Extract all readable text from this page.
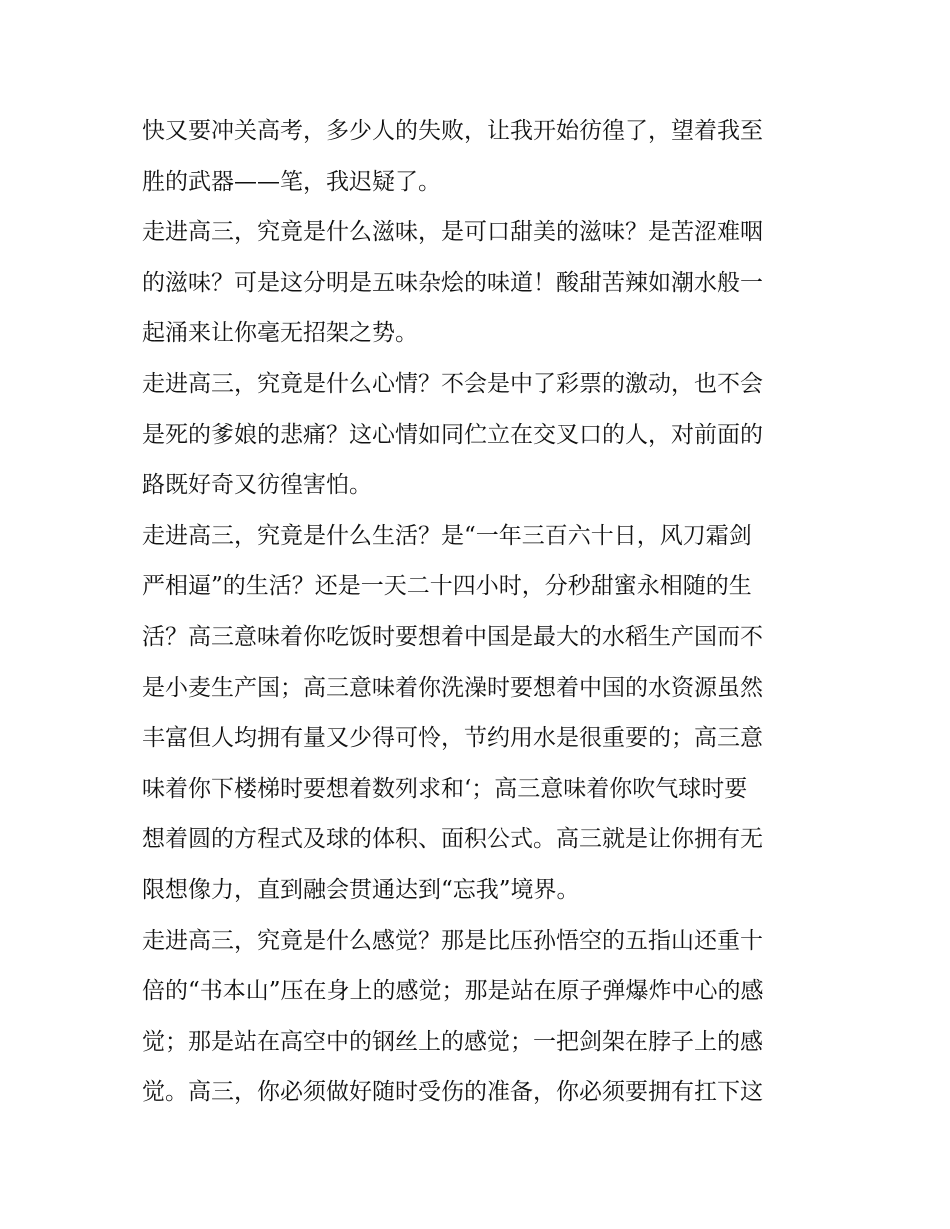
快又要冲关高考，多少人的失败，让我开始彷徨了，望着我至
胜的武器——笔，我迟疑了。
走进高三，究竟是什么滋味，是可口甜美的滋味？是苦涩难咽
的滋味？可是这分明是五味杂烩的味道！酸甜苦辣如潮水般一
起涌来让你毫无招架之势。
走进高三，究竟是什么心情？不会是中了彩票的激动，也不会
是死的爹娘的悲痛？这心情如同伫立在交叉口的人，对前面的
路既好奇又彷徨害怕。
走进高三，究竟是什么生活？是“一年三百六十日，风刀霜剑
严相逼”的生活？还是一天二十四小时，分秒甜蜜永相随的生
活？高三意味着你吃饭时要想着中国是最大的水稻生产国而不
是小麦生产国；高三意味着你洗澡时要想着中国的水资源虽然
丰富但人均拥有量又少得可怜，节约用水是很重要的；高三意
味着你下楼梯时要想着数列求和‘；高三意味着你吹气球时要
想着圆的方程式及球的体积、面积公式。高三就是让你拥有无
限想像力，直到融会贯通达到“忘我”境界。
走进高三，究竟是什么感觉？那是比压孙悟空的五指山还重十
倍的“书本山”压在身上的感觉；那是站在原子弹爆炸中心的感
觉；那是站在高空中的钢丝上的感觉；一把剑架在脖子上的感
觉。高三，你必须做好随时受伤的准备，你必须要拥有扛下这
